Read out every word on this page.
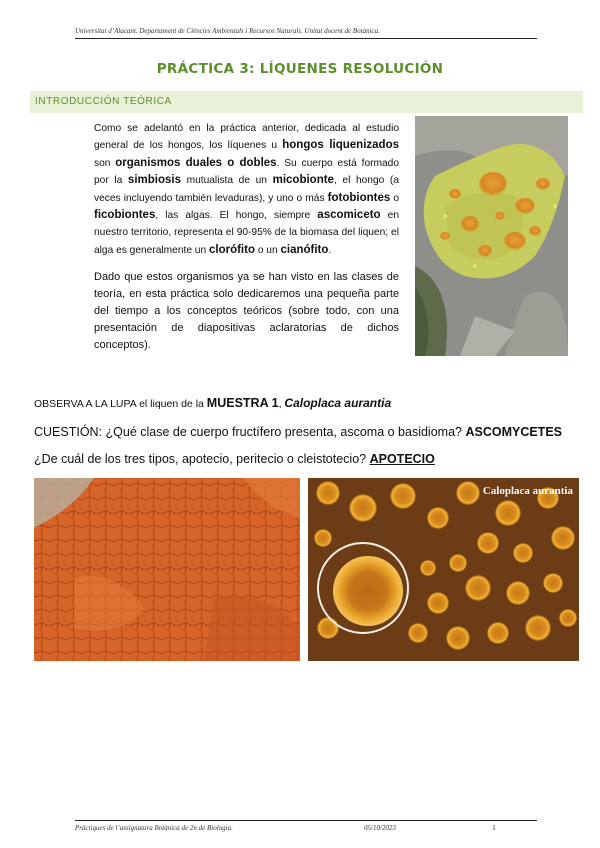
Universitat d’Alacant. Departament de Ciències Ambientals i Recursos Naturals. Unitat docent de Botànica.
PRÁCTICA 3: LÍQUENES RESOLUCIÓN
INTRODUCCIÓN TEÓRICA

Como se adelantó en la práctica anterior, dedicada al estudio general de los hongos, los líquenes u hongos liquenizados son organismos duales o dobles. Su cuerpo está formado por la simbiosis mutualista de un micobionte, el hongo (a veces incluyendo también levaduras), y uno o más fotobiontes o ficobiontes, las algas. El hongo, siempre ascomiceto en nuestro territorio, representa el 90-95% de la biomasa del liquen; el alga es generalmente un clorófito o un cianófito.

Dado que estos organismos ya se han visto en las clases de teoría, en esta práctica solo dedicaremos una pequeña parte del tiempo a los conceptos teóricos (sobre todo, con una presentación de diapositivas aclaratorias de dichos conceptos).

OBSERVA A LA LUPA el liquen de la MUESTRA 1, Caloplaca aurantia
CUESTIÓN: ¿Qué clase de cuerpo fructífero presenta, ascoma o basidioma? ASCOMYCETES
¿De cuál de los tres tipos, apotecio, peritecio o cleistotecio? APOTECIO
Caloplaca aurantia
Pràctiques de l’assignatura Botànica de 2n de Biologia.	05/10/2023	1
